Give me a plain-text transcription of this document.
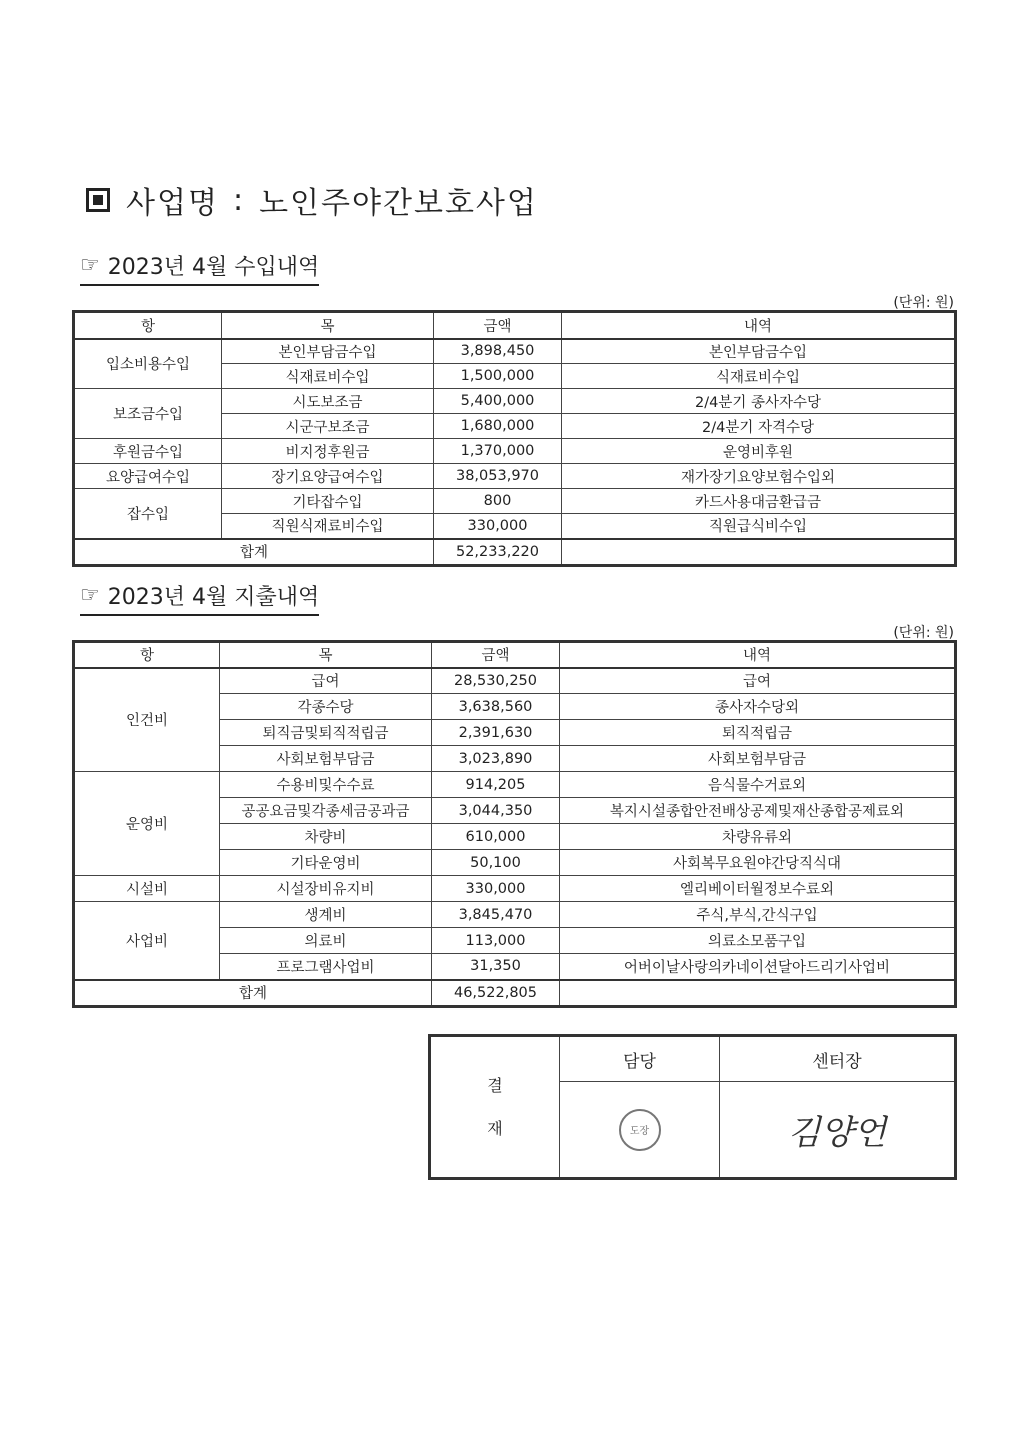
사업명 : 노인주야간보호사업
☞ 2023년 4월 수입내역
(단위: 원)
항	목	금액	내역
입소비용수입	본인부담금수입	3,898,450	본인부담금수입
	식재료비수입	1,500,000	식재료비수입
보조금수입	시도보조금	5,400,000	2/4분기 종사자수당
	시군구보조금	1,680,000	2/4분기 자격수당
후원금수입	비지정후원금	1,370,000	운영비후원
요양급여수입	장기요양급여수입	38,053,970	재가장기요양보험수입외
잡수입	기타잡수입	800	카드사용대금환급금
	직원식재료비수입	330,000	직원급식비수입
합계		52,233,220	
☞ 2023년 4월 지출내역
(단위: 원)
항	목	금액	내역
인건비	급여	28,530,250	급여
	각종수당	3,638,560	종사자수당외
	퇴직금및퇴직적립금	2,391,630	퇴직적립금
	사회보험부담금	3,023,890	사회보험부담금
운영비	수용비및수수료	914,205	음식물수거료외
	공공요금및각종세금공과금	3,044,350	복지시설종합안전배상공제및재산종합공제료외
	차량비	610,000	차량유류외
	기타운영비	50,100	사회복무요원야간당직식대
시설비	시설장비유지비	330,000	엘리베이터월정보수료외
사업비	생계비	3,845,470	주식,부식,간식구입
	의료비	113,000	의료소모품구입
	프로그램사업비	31,350	어버이날사랑의카네이션달아드리기사업비
합계		46,522,805	
결
재	담당	센터장

	도장	김양언
